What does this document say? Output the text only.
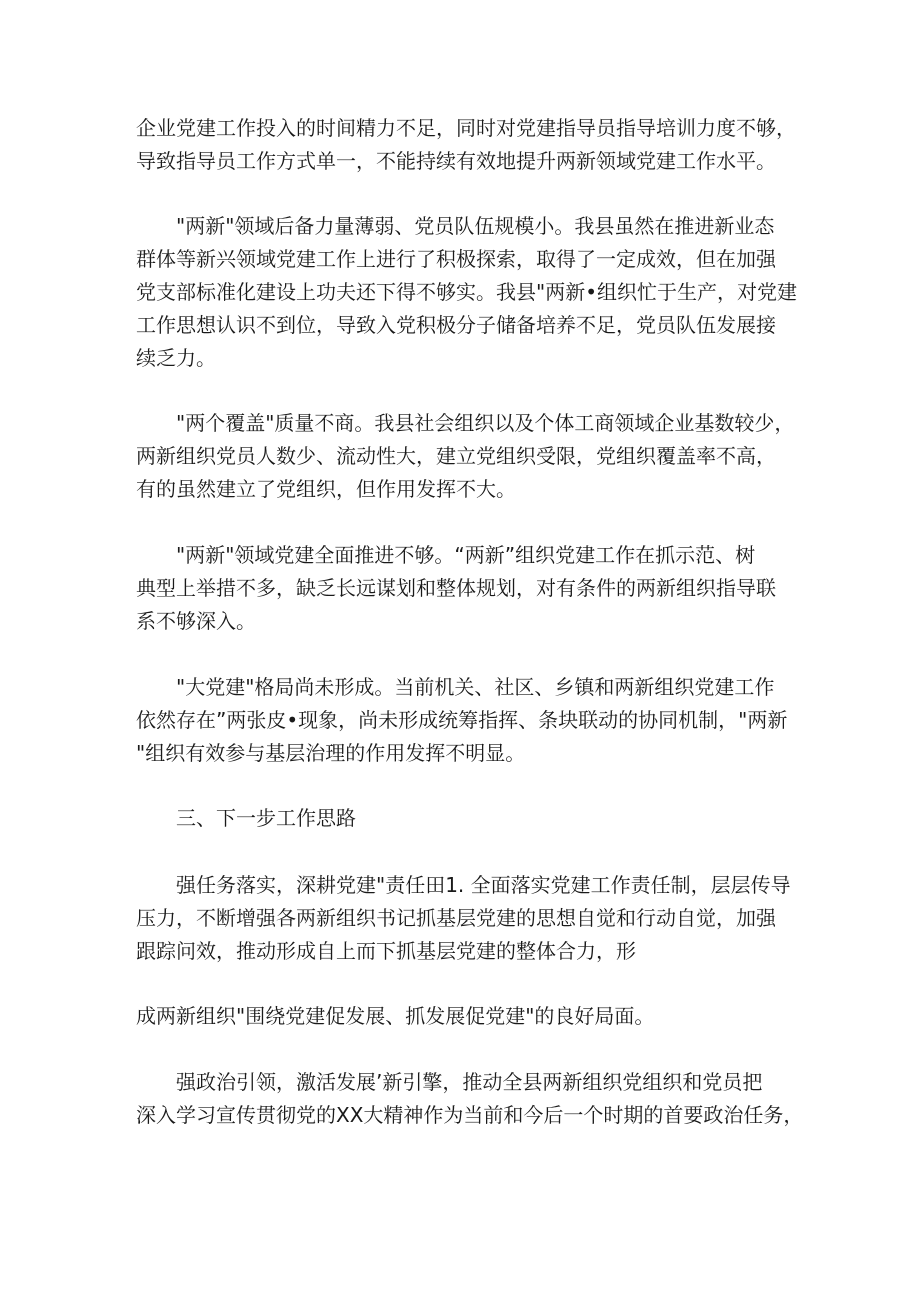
企业党建工作投入的时间精力不足，同时对党建指导员指导培训力度不够，
导致指导员工作方式单一，不能持续有效地提升两新领域党建工作水平。
"两新"领域后备力量薄弱、党员队伍规模小。我县虽然在推进新业态
群体等新兴领域党建工作上进行了积极探索，取得了一定成效，但在加强
党支部标准化建设上功夫还下得不够实。我县"两新•组织忙于生产，对党建
工作思想认识不到位，导致入党积极分子储备培养不足，党员队伍发展接
续乏力。
"两个覆盖"质量不商。我县社会组织以及个体工商领域企业基数较少，
两新组织党员人数少、流动性大，建立党组织受限，党组织覆盖率不高，
有的虽然建立了党组织，但作用发挥不大。
"两新"领域党建全面推进不够。“两新”组织党建工作在抓示范、树
典型上举措不多，缺乏长远谋划和整体规划，对有条件的两新组织指导联
系不够深入。
"大党建"格局尚未形成。当前机关、社区、乡镇和两新组织党建工作
依然存在”两张皮•现象，尚未形成统筹指挥、条块联动的协同机制，"两新
"组织有效参与基层治理的作用发挥不明显。
三、下一步工作思路
强任务落实，深耕党建"责任田1. 全面落实党建工作责任制，层层传导
压力，不断增强各两新组织书记抓基层党建的思想自觉和行动自觉，加强
跟踪问效，推动形成自上而下抓基层党建的整体合力，形
成两新组织"围绕党建促发展、抓发展促党建"的良好局面。
强政治引领，激活发展’新引擎，推动全县两新组织党组织和党员把
深入学习宣传贯彻党的XX大精神作为当前和今后一个时期的首要政治任务，
